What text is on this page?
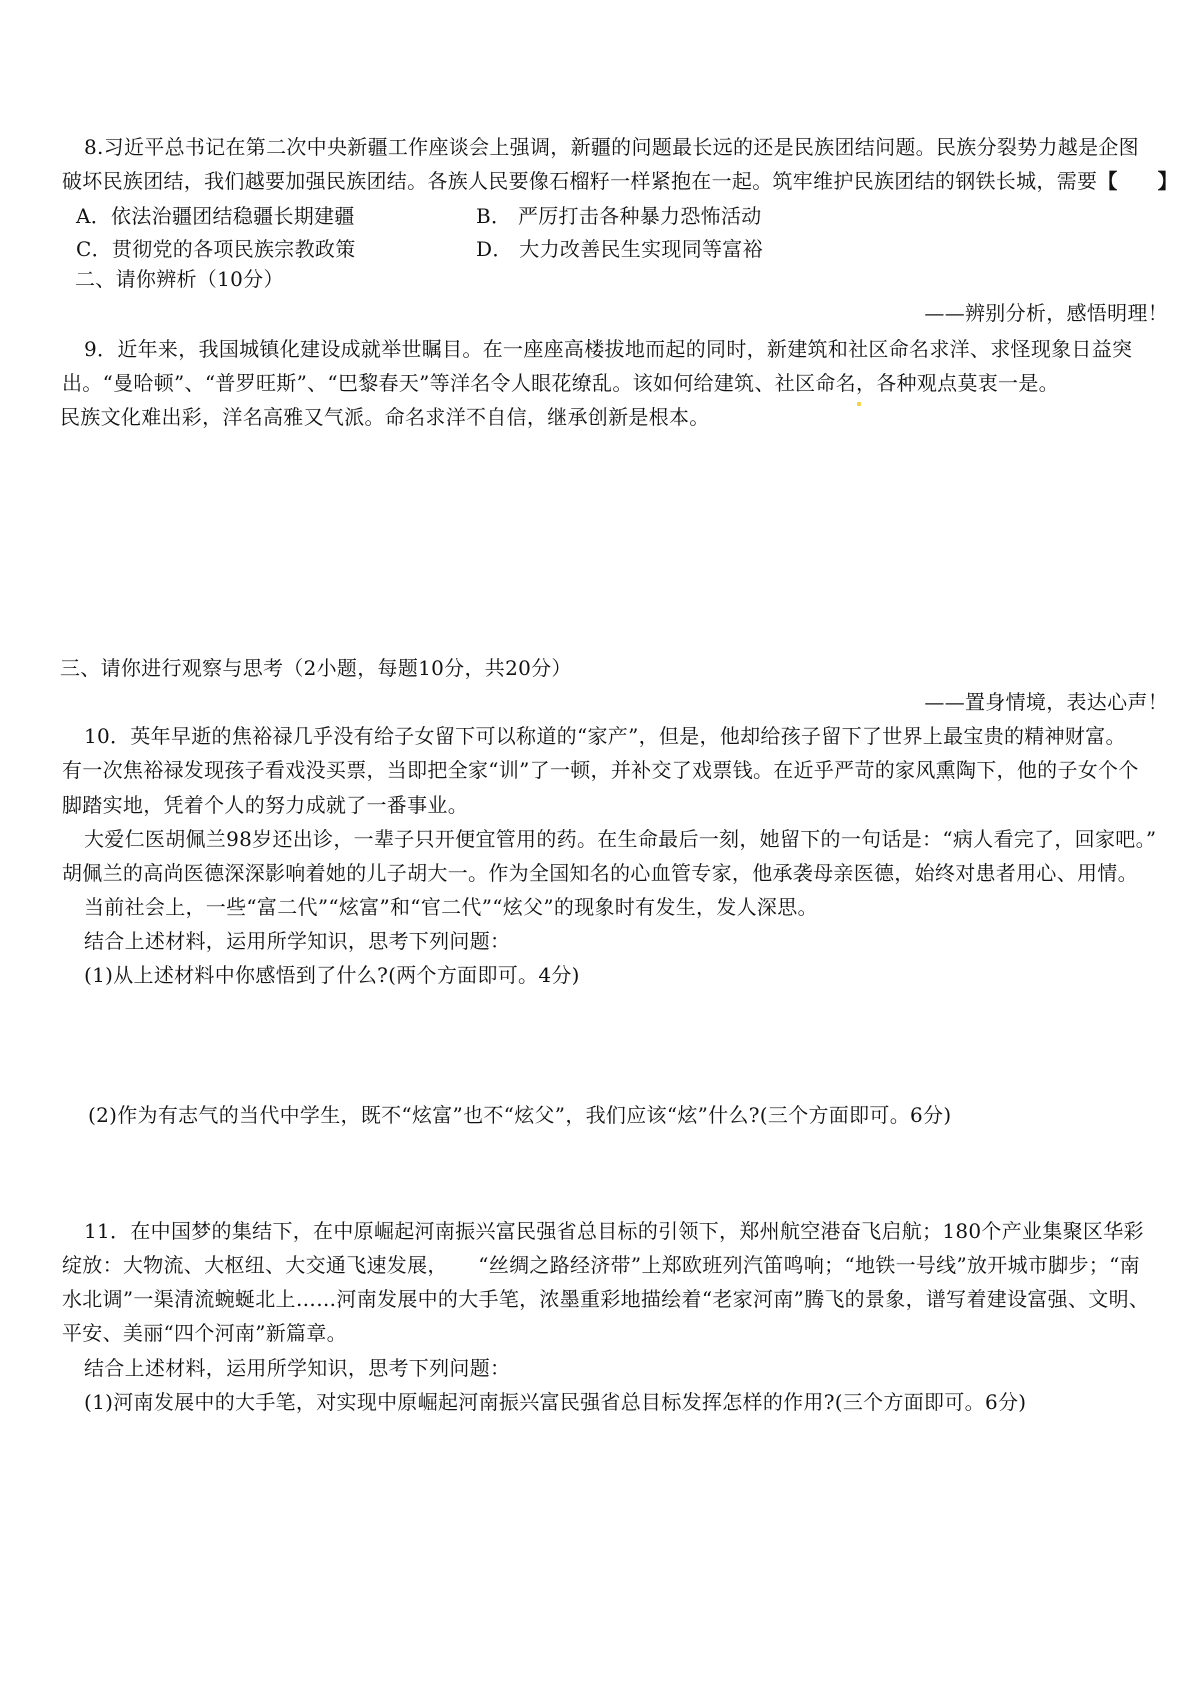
8.习近平总书记在第二次中央新疆工作座谈会上强调，新疆的问题最长远的还是民族团结问题。民族分裂势力越是企图
破坏民族团结，我们越要加强民族团结。各族人民要像石榴籽一样紧抱在一起。筑牢维护民族团结的钢铁长城，需要【 】
A．依法治疆团结稳疆长期建疆	B． 严厉打击各种暴力恐怖活动
C．贯彻党的各项民族宗教政策	D． 大力改善民生实现同等富裕
二、请你辨析（10分）
——辨别分析，感悟明理！
9．近年来，我国城镇化建设成就举世瞩目。在一座座高楼拔地而起的同时，新建筑和社区命名求洋、求怪现象日益突
出。“曼哈顿”、“普罗旺斯”、“巴黎春天”等洋名令人眼花缭乱。该如何给建筑、社区命名，各种观点莫衷一是。
民族文化难出彩，洋名高雅又气派。命名求洋不自信，继承创新是根本。
三、请你进行观察与思考（2小题，每题10分，共20分）
——置身情境，表达心声！
10．英年早逝的焦裕禄几乎没有给子女留下可以称道的“家产”，但是，他却给孩子留下了世界上最宝贵的精神财富。
有一次焦裕禄发现孩子看戏没买票，当即把全家“训”了一顿，并补交了戏票钱。在近乎严苛的家风熏陶下，他的子女个个
脚踏实地，凭着个人的努力成就了一番事业。
大爱仁医胡佩兰98岁还出诊，一辈子只开便宜管用的药。在生命最后一刻，她留下的一句话是：“病人看完了，回家吧。”
胡佩兰的高尚医德深深影响着她的儿子胡大一。作为全国知名的心血管专家，他承袭母亲医德，始终对患者用心、用情。
当前社会上，一些“富二代”“炫富”和“官二代”“炫父”的现象时有发生，发人深思。
结合上述材料，运用所学知识，思考下列问题：
(1)从上述材料中你感悟到了什么?(两个方面即可。4分)
(2)作为有志气的当代中学生，既不“炫富”也不“炫父”，我们应该“炫”什么?(三个方面即可。6分)
11．在中国梦的集结下，在中原崛起河南振兴富民强省总目标的引领下，郑州航空港奋飞启航；180个产业集聚区华彩
绽放：大物流、大枢纽、大交通飞速发展，　　“丝绸之路经济带”上郑欧班列汽笛鸣响；“地铁一号线”放开城市脚步；“南
水北调”一渠清流蜿蜒北上……河南发展中的大手笔，浓墨重彩地描绘着“老家河南”腾飞的景象，谱写着建设富强、文明、
平安、美丽“四个河南”新篇章。
结合上述材料，运用所学知识，思考下列问题：
(1)河南发展中的大手笔，对实现中原崛起河南振兴富民强省总目标发挥怎样的作用?(三个方面即可。6分)
